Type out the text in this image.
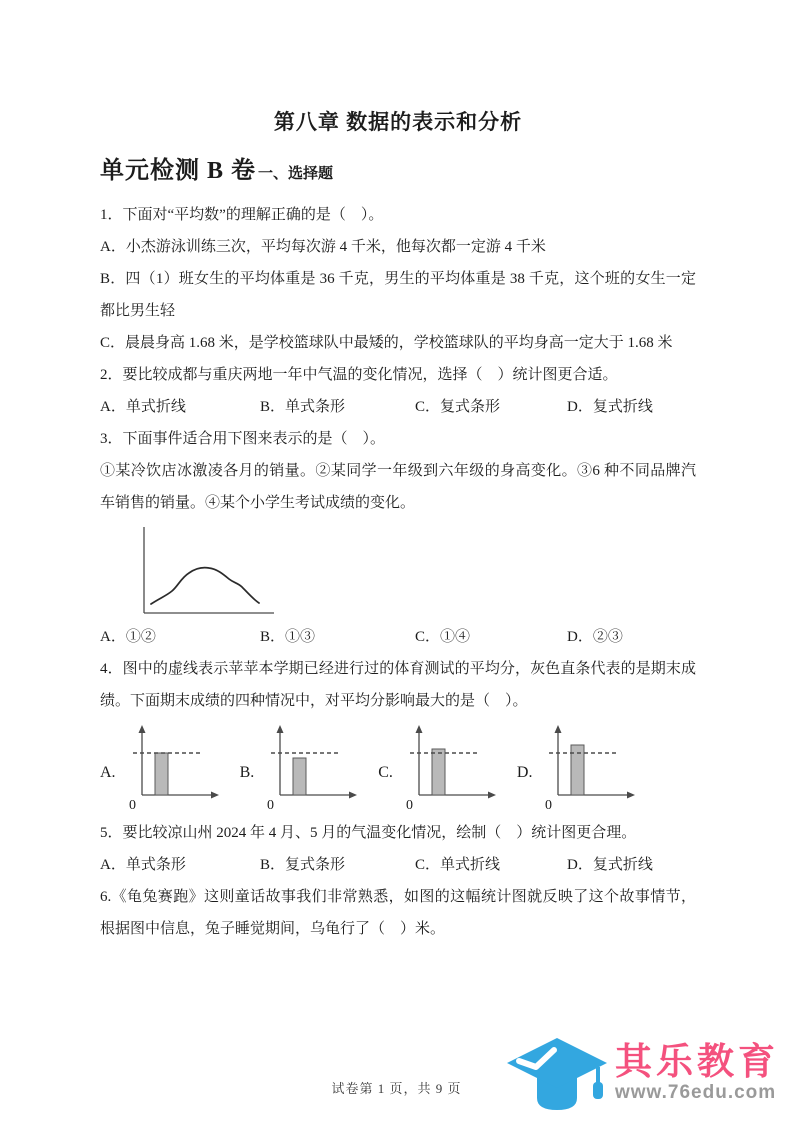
第八章 数据的表示和分析
单元检测 B 卷 一、选择题

1．下面对“平均数”的理解正确的是（　）。

A．小杰游泳训练三次，平均每次游 4 千米，他每次都一定游 4 千米

B．四（1）班女生的平均体重是 36 千克，男生的平均体重是 38 千克，这个班的女生一定都比男生轻

C．晨晨身高 1.68 米，是学校篮球队中最矮的，学校篮球队的平均身高一定大于 1.68 米

2．要比较成都与重庆两地一年中气温的变化情况，选择（　）统计图更合适。

A．单式折线	B．单式条形	C．复式条形	D．复式折线

3．下面事件适合用下图来表示的是（　）。

①某冷饮店冰激凌各月的销量。②某同学一年级到六年级的身高变化。③6 种不同品牌汽车销售的销量。④某个小学生考试成绩的变化。

A．①②	B．①③	C．①④	D．②③

4．图中的虚线表示苹苹本学期已经进行过的体育测试的平均分，灰色直条代表的是期末成绩。下面期末成绩的四种情况中，对平均分影响最大的是（　）。

A.
0
B.
0
C.
0
D.
0

5．要比较凉山州 2024 年 4 月、5 月的气温变化情况，绘制（　）统计图更合理。

A．单式条形	B．复式条形	C．单式折线	D．复式折线

6.《龟兔赛跑》这则童话故事我们非常熟悉，如图的这幅统计图就反映了这个故事情节，根据图中信息，兔子睡觉期间，乌龟行了（　）米。

试卷第 1 页，共 9 页
其乐教育
www.76edu.com
